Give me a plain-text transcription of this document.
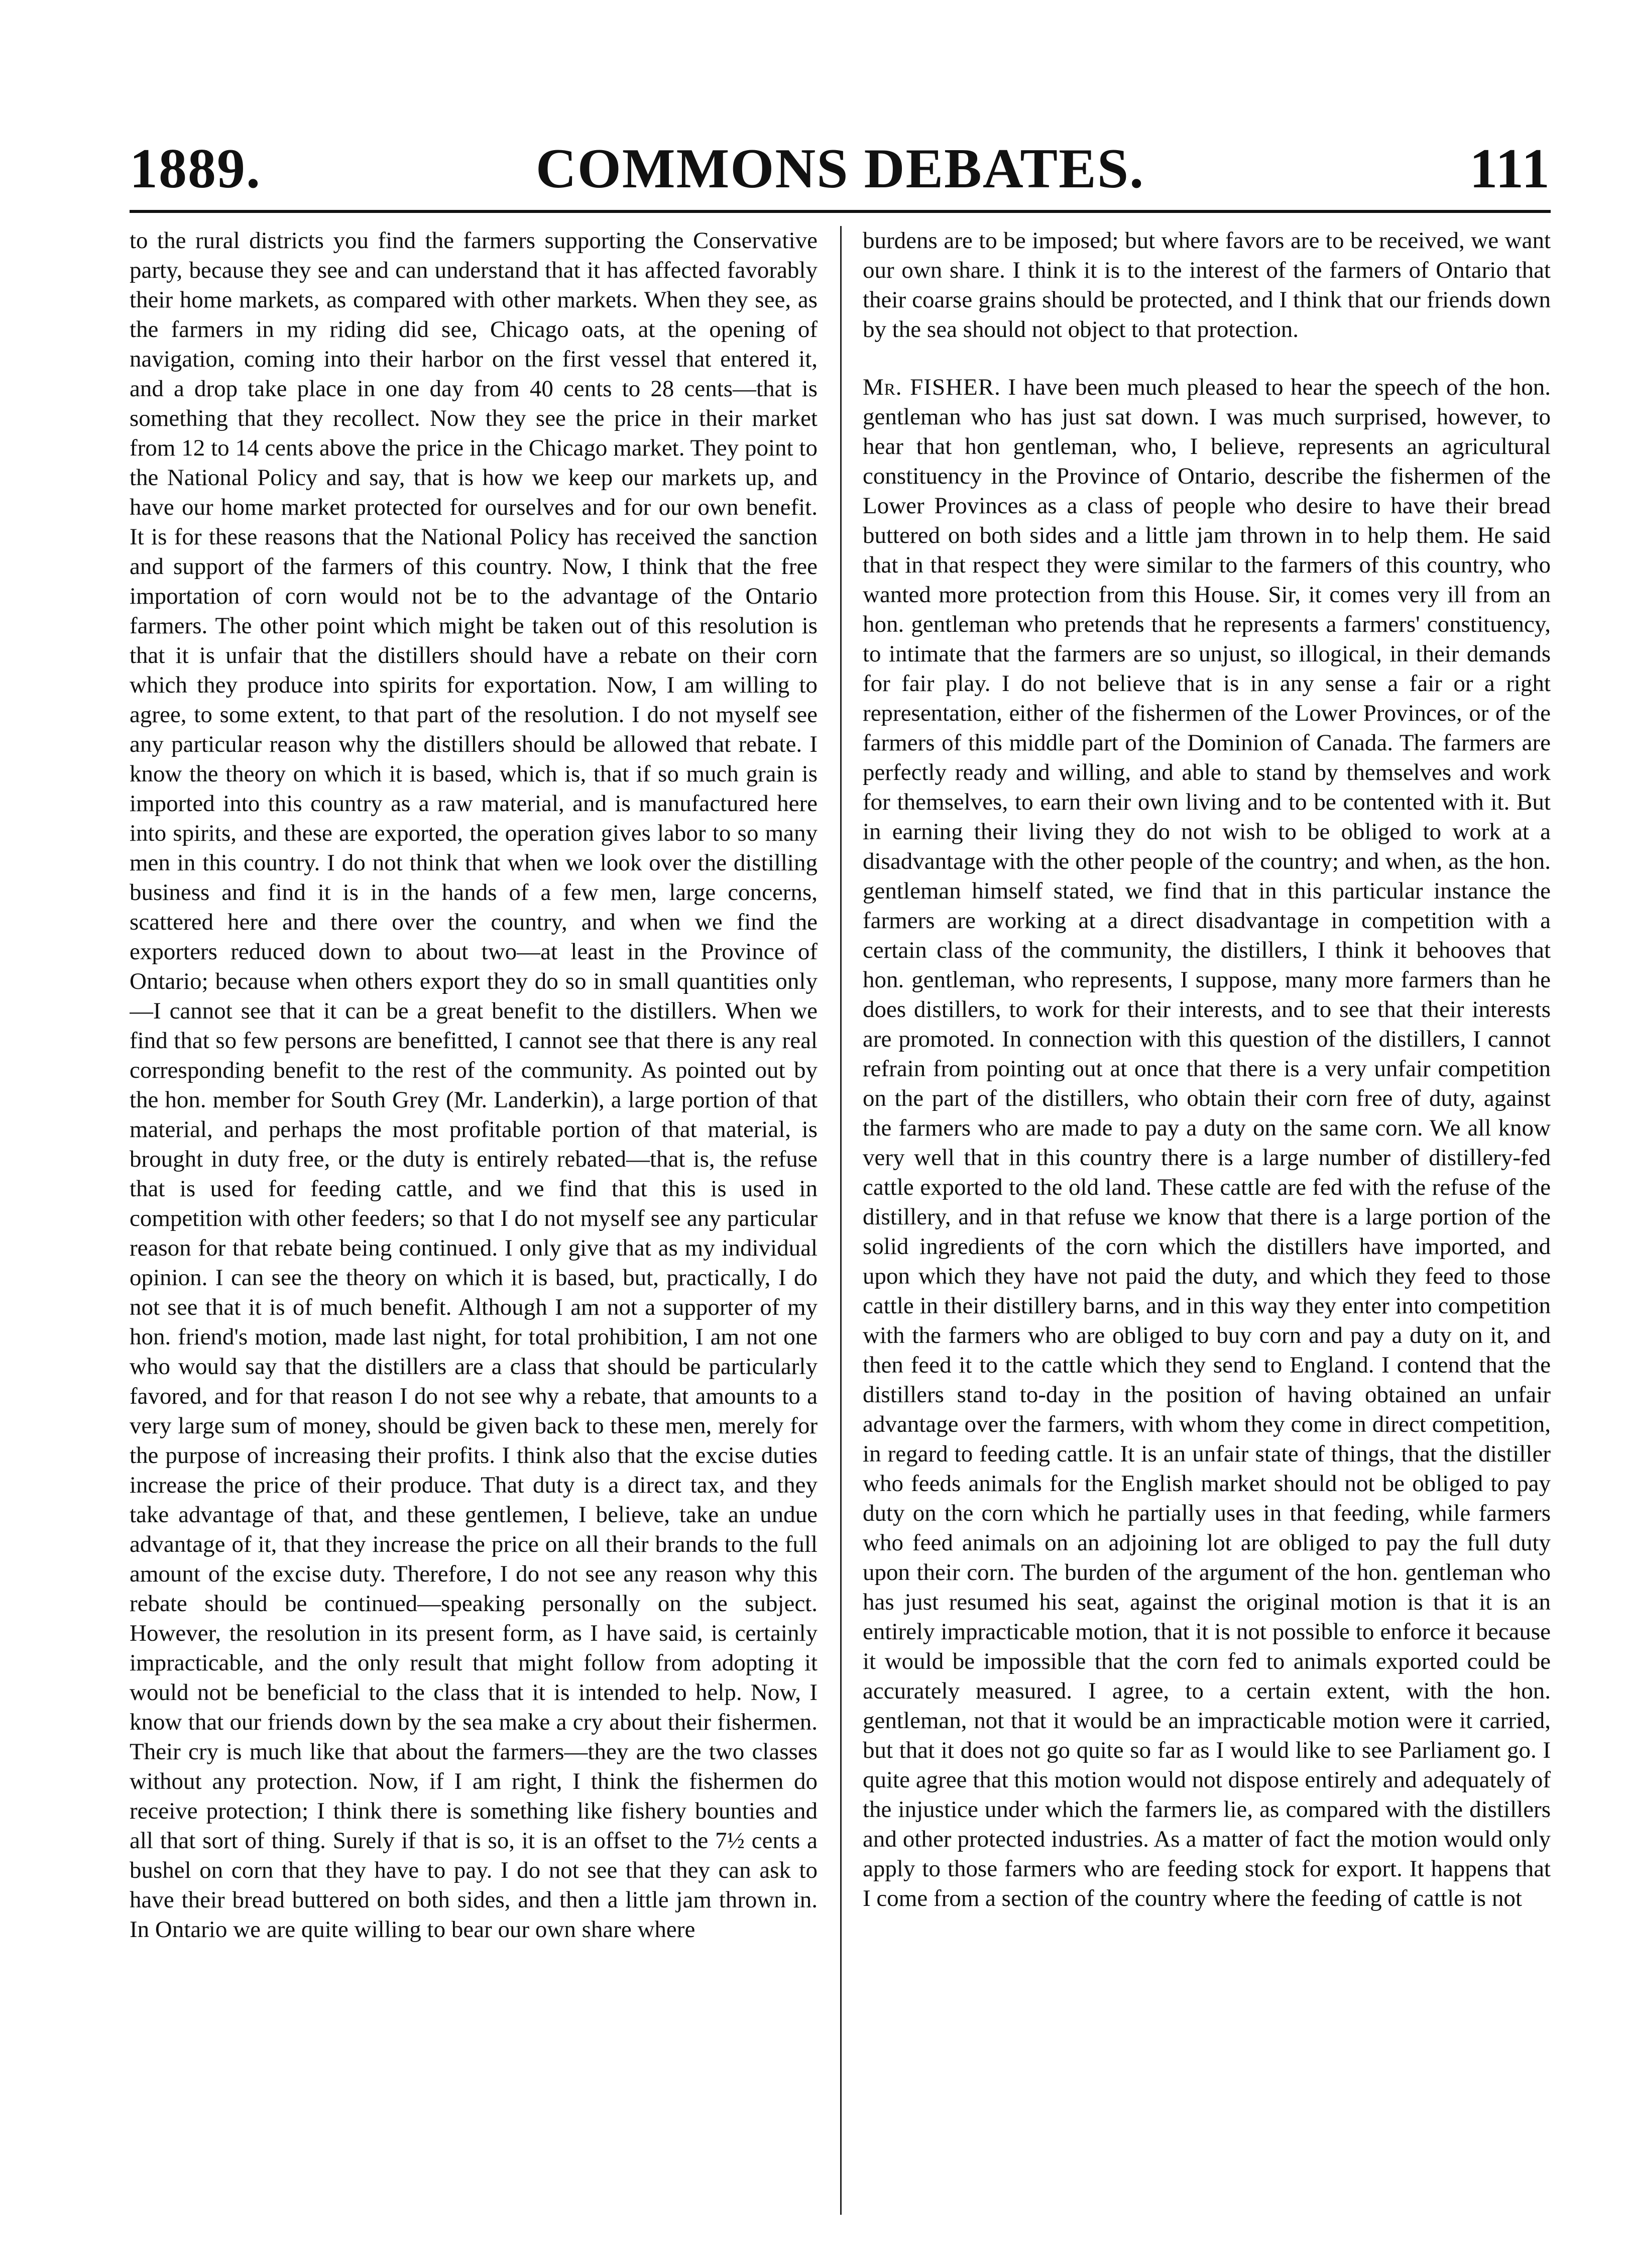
1889.	COMMONS DEBATES.	111

to the rural districts you find the farmers supporting the Conservative party, because they see and can understand that it has affected favorably their home markets, as compared with other markets. When they see, as the farmers in my riding did see, Chicago oats, at the opening of navigation, coming into their harbor on the first vessel that entered it, and a drop take place in one day from 40 cents to 28 cents—that is something that they recollect. Now they see the price in their market from 12 to 14 cents above the price in the Chicago market. They point to the National Policy and say, that is how we keep our markets up, and have our home market protected for ourselves and for our own benefit. It is for these reasons that the National Policy has received the sanction and support of the farmers of this country. Now, I think that the free importation of corn would not be to the advantage of the Ontario farmers. The other point which might be taken out of this resolution is that it is unfair that the distillers should have a rebate on their corn which they produce into spirits for exportation. Now, I am willing to agree, to some extent, to that part of the resolution. I do not myself see any particular reason why the distillers should be allowed that rebate. I know the theory on which it is based, which is, that if so much grain is imported into this country as a raw material, and is manufactured here into spirits, and these are exported, the operation gives labor to so many men in this country. I do not think that when we look over the distilling business and find it is in the hands of a few men, large concerns, scattered here and there over the country, and when we find the exporters reduced down to about two—at least in the Province of Ontario; because when others export they do so in small quantities only—I cannot see that it can be a great benefit to the distillers. When we find that so few persons are benefitted, I cannot see that there is any real corresponding benefit to the rest of the community. As pointed out by the hon. member for South Grey (Mr. Landerkin), a large portion of that material, and perhaps the most profitable portion of that material, is brought in duty free, or the duty is entirely rebated—that is, the refuse that is used for feeding cattle, and we find that this is used in competition with other feeders; so that I do not myself see any particular reason for that rebate being continued. I only give that as my individual opinion. I can see the theory on which it is based, but, practically, I do not see that it is of much benefit. Although I am not a supporter of my hon. friend's motion, made last night, for total prohibition, I am not one who would say that the distillers are a class that should be particularly favored, and for that reason I do not see why a rebate, that amounts to a very large sum of money, should be given back to these men, merely for the purpose of increasing their profits. I think also that the excise duties increase the price of their produce. That duty is a direct tax, and they take advantage of that, and these gentlemen, I believe, take an undue advantage of it, that they increase the price on all their brands to the full amount of the excise duty. Therefore, I do not see any reason why this rebate should be continued—speaking personally on the subject. However, the resolution in its present form, as I have said, is certainly impracticable, and the only result that might follow from adopting it would not be beneficial to the class that it is intended to help. Now, I know that our friends down by the sea make a cry about their fishermen. Their cry is much like that about the farmers—they are the two classes without any protection. Now, if I am right, I think the fishermen do receive protection; I think there is something like fishery bounties and all that sort of thing. Surely if that is so, it is an offset to the 7½ cents a bushel on corn that they have to pay. I do not see that they can ask to have their bread buttered on both sides, and then a little jam thrown in. In Ontario we are quite willing to bear our own share where

burdens are to be imposed; but where favors are to be received, we want our own share. I think it is to the interest of the farmers of Ontario that their coarse grains should be protected, and I think that our friends down by the sea should not object to that protection.

Mr. FISHER. I have been much pleased to hear the speech of the hon. gentleman who has just sat down. I was much surprised, however, to hear that hon gentleman, who, I believe, represents an agricultural constituency in the Province of Ontario, describe the fishermen of the Lower Provinces as a class of people who desire to have their bread buttered on both sides and a little jam thrown in to help them. He said that in that respect they were similar to the farmers of this country, who wanted more protection from this House. Sir, it comes very ill from an hon. gentleman who pretends that he represents a farmers' constituency, to intimate that the farmers are so unjust, so illogical, in their demands for fair play. I do not believe that is in any sense a fair or a right representation, either of the fishermen of the Lower Provinces, or of the farmers of this middle part of the Dominion of Canada. The farmers are perfectly ready and willing, and able to stand by themselves and work for themselves, to earn their own living and to be contented with it. But in earning their living they do not wish to be obliged to work at a disadvantage with the other people of the country; and when, as the hon. gentleman himself stated, we find that in this particular instance the farmers are working at a direct disadvantage in competition with a certain class of the community, the distillers, I think it behooves that hon. gentleman, who represents, I suppose, many more farmers than he does distillers, to work for their interests, and to see that their interests are promoted. In connection with this question of the distillers, I cannot refrain from pointing out at once that there is a very unfair competition on the part of the distillers, who obtain their corn free of duty, against the farmers who are made to pay a duty on the same corn. We all know very well that in this country there is a large number of distillery-fed cattle exported to the old land. These cattle are fed with the refuse of the distillery, and in that refuse we know that there is a large portion of the solid ingredients of the corn which the distillers have imported, and upon which they have not paid the duty, and which they feed to those cattle in their distillery barns, and in this way they enter into competition with the farmers who are obliged to buy corn and pay a duty on it, and then feed it to the cattle which they send to England. I contend that the distillers stand to-day in the position of having obtained an unfair advantage over the farmers, with whom they come in direct competition, in regard to feeding cattle. It is an unfair state of things, that the distiller who feeds animals for the English market should not be obliged to pay duty on the corn which he partially uses in that feeding, while farmers who feed animals on an adjoining lot are obliged to pay the full duty upon their corn. The burden of the argument of the hon. gentleman who has just resumed his seat, against the original motion is that it is an entirely impracticable motion, that it is not possible to enforce it because it would be impossible that the corn fed to animals exported could be accurately measured. I agree, to a certain extent, with the hon. gentleman, not that it would be an impracticable motion were it carried, but that it does not go quite so far as I would like to see Parliament go. I quite agree that this motion would not dispose entirely and adequately of the injustice under which the farmers lie, as compared with the distillers and other protected industries. As a matter of fact the motion would only apply to those farmers who are feeding stock for export. It happens that I come from a section of the country where the feeding of cattle is not
